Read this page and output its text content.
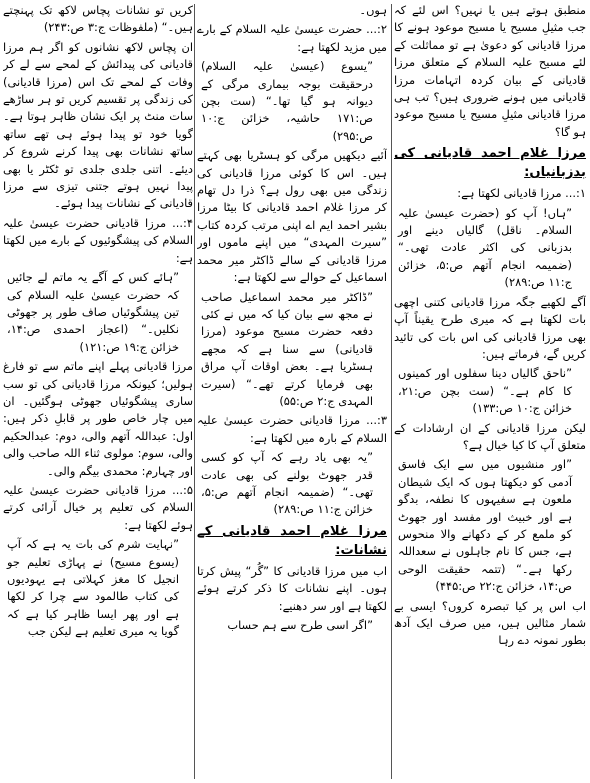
منطبق ہوتے ہیں یا نہیں؟ اس لئے کہ جب مثیلِ مسیح یا مسیح موعود ہونے کا مرزا قادیانی کو دعویٰ ہے تو مماثلت کے لئے مسیح علیہ السلام کے متعلق مرزا قادیانی کے بیان کردہ اتہامات مرزا قادیانی میں ہونے ضروری ہیں؟ تب ہی مرزا قادیانی مثیلِ مسیح یا مسیح موعود ہو گا؟

مرزا غلام احمد قادیانی کی بدزبانیاں:

۱:... مرزا قادیانی لکھتا ہے:

”ہاں! آپ کو (حضرت عیسیٰ علیہ السلام۔ ناقل) گالیاں دینے اور بدزبانی کی اکثر عادت تھی۔“ (ضمیمہ انجام آتھم ص:۵، خزائن ج:۱۱ ص:۲۸۹)

آگے لکھیے جگہ مرزا قادیانی کتنی اچھی بات لکھتا ہے کہ میری طرح یقیناً آپ بھی مرزا قادیانی کی اس بات کی تائید کریں گے، فرماتے ہیں:

”ناحق گالیاں دینا سفلوں اور کمینوں کا کام ہے۔“ (ست بچن ص:۲۱، خزائن ج:۱۰ ص:۱۳۳)

لیکن مرزا قادیانی کے ان ارشادات کے متعلق آپ کا کیا خیال ہے؟

”اور منشیوں میں سے ایک فاسق آدمی کو دیکھتا ہوں کہ ایک شیطان ملعون ہے سفیہوں کا نطفہ، بدگو ہے اور خبیث اور مفسد اور جھوٹ کو ملمع کر کے دکھانے والا منحوس ہے، جس کا نام جاہلوں نے سعداللہ رکھا ہے۔“ (تتمہ حقیقت الوحی ص:۱۴، خزائن ج:۲۲ ص:۴۴۵)

اب اس پر کیا تبصرہ کروں؟ ایسی بے شمار مثالیں ہیں، میں صرف ایک آدھ بطور نمونہ دے رہا

ہوں۔

۲:... حضرت عیسیٰ علیہ السلام کے بارے میں مزید لکھتا ہے:

”یسوع (عیسیٰ علیہ السلام) درحقیقت بوجہ بیماری مرگی کے دیوانہ ہو گیا تھا۔“ (ست بچن ص:۱۷۱ حاشیہ، خزائن ج:۱۰ ص:۲۹۵)

آئیے دیکھیں مرگی کو ہسٹریا بھی کہتے ہیں۔ اس کا کوئی مرزا قادیانی کی زندگی میں بھی رول ہے؟ ذرا دل تھام کر مرزا غلام احمد قادیانی کا بیٹا مرزا بشیر احمد ایم اے اپنی مرتب کردہ کتاب ”سیرت المہدی“ میں اپنے ماموں اور مرزا قادیانی کے سالے ڈاکٹر میر محمد اسماعیل کے حوالے سے لکھتا ہے:

”ڈاکٹر میر محمد اسماعیل صاحب نے مجھ سے بیان کیا کہ میں نے کئی دفعہ حضرت مسیح موعود (مرزا قادیانی) سے سنا ہے کہ مجھے ہسٹریا ہے۔ بعض اوقات آپ مراق بھی فرمایا کرتے تھے۔“ (سیرت المہدی ج:۲ ص:۵۵)

۳:... مرزا قادیانی حضرت عیسیٰ علیہ السلام کے بارہ میں لکھتا ہے:

”یہ بھی یاد رہے کہ آپ کو کسی قدر جھوٹ بولنے کی بھی عادت تھی۔“ (ضمیمہ انجام آتھم ص:۵، خزائن ج:۱۱ ص:۲۸۹)

مرزا غلام احمد قادیانی کے نشانات:

اب میں مرزا قادیانی کا ”گُر“ پیش کرتا ہوں۔ اپنے نشانات کا ذکر کرتے ہوئے لکھتا ہے اور سر دھنیے:

”اگر اسی طرح سے ہم حساب

کریں تو نشانات پچاس لاکھ تک پہنچتے ہیں۔“ (ملفوظات ج:۳ ص:۲۴۳)

ان پچاس لاکھ نشانوں کو اگر ہم مرزا قادیانی کی پیدائش کے لمحے سے لے کر وفات کے لمحے تک اس (مرزا قادیانی) کی زندگی پر تقسیم کریں تو ہر ساڑھے سات منٹ پر ایک نشان ظاہر ہوتا ہے۔ گویا خود تو پیدا ہوئے ہی تھے ساتھ ساتھ نشانات بھی پیدا کرنے شروع کر دیئے۔ اتنی جلدی جلدی تو ٹکٹر یا بھی پیدا نہیں ہوتے جتنی تیزی سے مرزا قادیانی کے نشانات پیدا ہوئے۔

۴:... مرزا قادیانی حضرت عیسیٰ علیہ السلام کی پیشگوئیوں کے بارے میں لکھتا ہے:

”ہائے کس کے آگے یہ ماتم لے جائیں کہ حضرت عیسیٰ علیہ السلام کی تین پیشگوئیاں صاف طور پر جھوٹی نکلیں۔“ (اعجاز احمدی ص:۱۴، خزائن ج:۱۹ ص:۱۲۱)

مرزا قادیانی پہلے اپنے ماتم سے تو فارغ ہولیں؛ کیونکہ مرزا قادیانی کی تو سب ساری پیشگوئیاں جھوٹی ہوگئیں۔ ان میں چار خاص طور پر قابلِ ذکر ہیں: اول: عبداللہ آتھم والی، دوم: عبدالحکیم والی، سوم: مولوی ثناء اللہ صاحب والی اور چہارم: محمدی بیگم والی۔

۵:... مرزا قادیانی حضرت عیسیٰ علیہ السلام کی تعلیم پر خیال آرائی کرتے ہوئے لکھتا ہے:

”نہایت شرم کی بات یہ ہے کہ آپ (یسوع مسیح) نے پہاڑی تعلیم جو انجیل کا مغز کہلاتی ہے یہودیوں کی کتاب طالمود سے چرا کر لکھا ہے اور پھر ایسا ظاہر کیا ہے کہ گویا یہ میری تعلیم ہے لیکن جب
